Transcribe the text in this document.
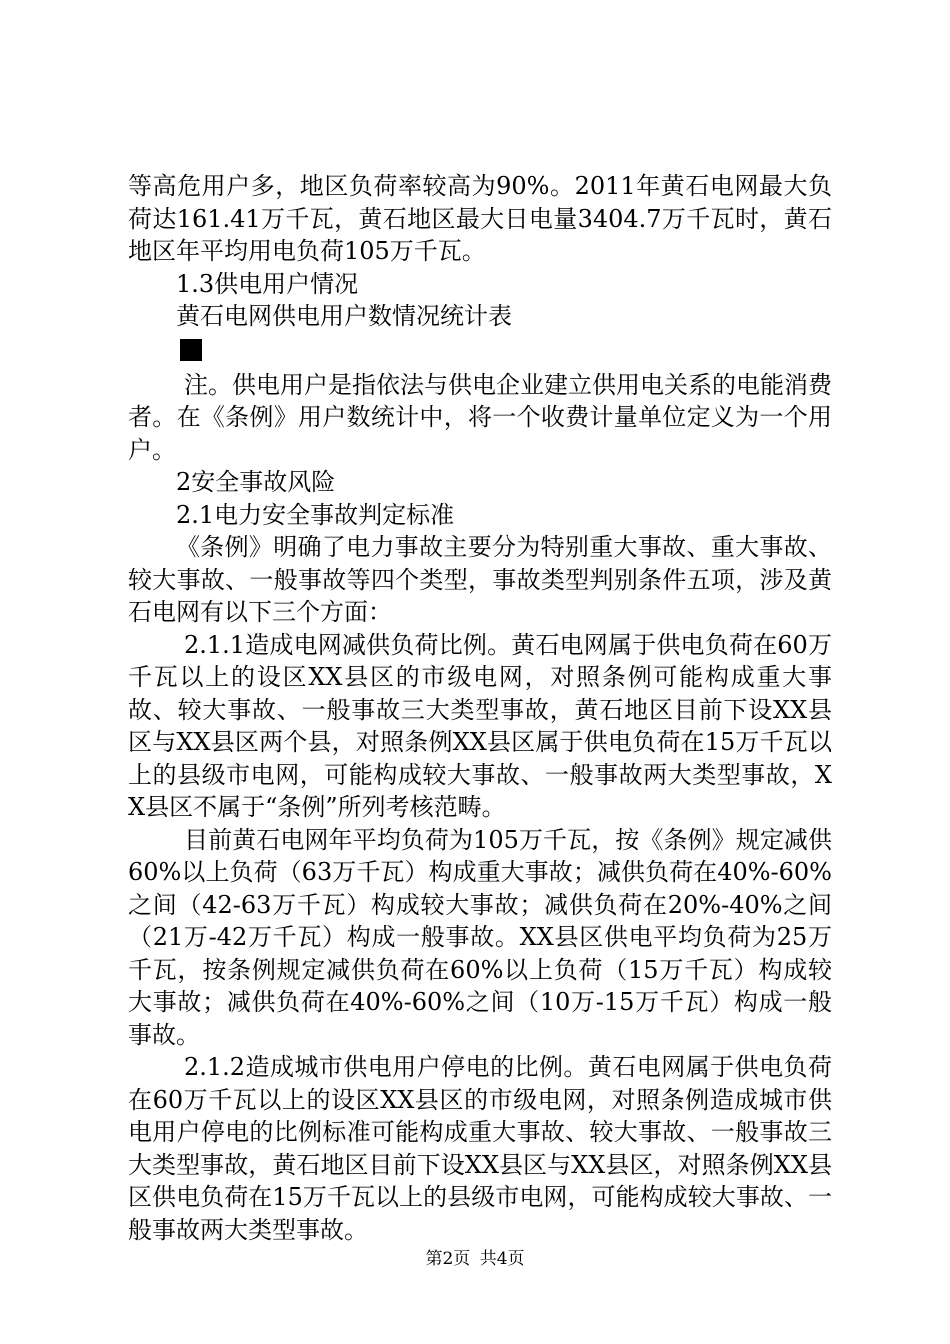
等高危用户多，地区负荷率较高为90%。2011年黄石电网最大负荷达161.41万千瓦，黄石地区最大日电量3404.7万千瓦时，黄石地区年平均用电负荷105万千瓦。

1.3供电用户情况

黄石电网供电用户数情况统计表

注。供电用户是指依法与供电企业建立供用电关系的电能消费者。在《条例》用户数统计中，将一个收费计量单位定义为一个用户。

2安全事故风险

2.1电力安全事故判定标准

《条例》明确了电力事故主要分为特别重大事故、重大事故、较大事故、一般事故等四个类型，事故类型判别条件五项，涉及黄石电网有以下三个方面：

2.1.1造成电网减供负荷比例。黄石电网属于供电负荷在60万千瓦以上的设区XX县区的市级电网，对照条例可能构成重大事故、较大事故、一般事故三大类型事故，黄石地区目前下设XX县区与XX县区两个县，对照条例XX县区属于供电负荷在15万千瓦以上的县级市电网，可能构成较大事故、一般事故两大类型事故，XX县区不属于“条例”所列考核范畴。

目前黄石电网年平均负荷为105万千瓦，按《条例》规定减供60%以上负荷（63万千瓦）构成重大事故；减供负荷在40%-60%之间（42-63万千瓦）构成较大事故；减供负荷在20%-40%之间（21万-42万千瓦）构成一般事故。XX县区供电平均负荷为25万千瓦，按条例规定减供负荷在60%以上负荷（15万千瓦）构成较大事故；减供负荷在40%-60%之间（10万-15万千瓦）构成一般事故。

2.1.2造成城市供电用户停电的比例。黄石电网属于供电负荷在60万千瓦以上的设区XX县区的市级电网，对照条例造成城市供电用户停电的比例标准可能构成重大事故、较大事故、一般事故三大类型事故，黄石地区目前下设XX县区与XX县区，对照条例XX县区供电负荷在15万千瓦以上的县级市电网，可能构成较大事故、一般事故两大类型事故。

第2页 共4页
